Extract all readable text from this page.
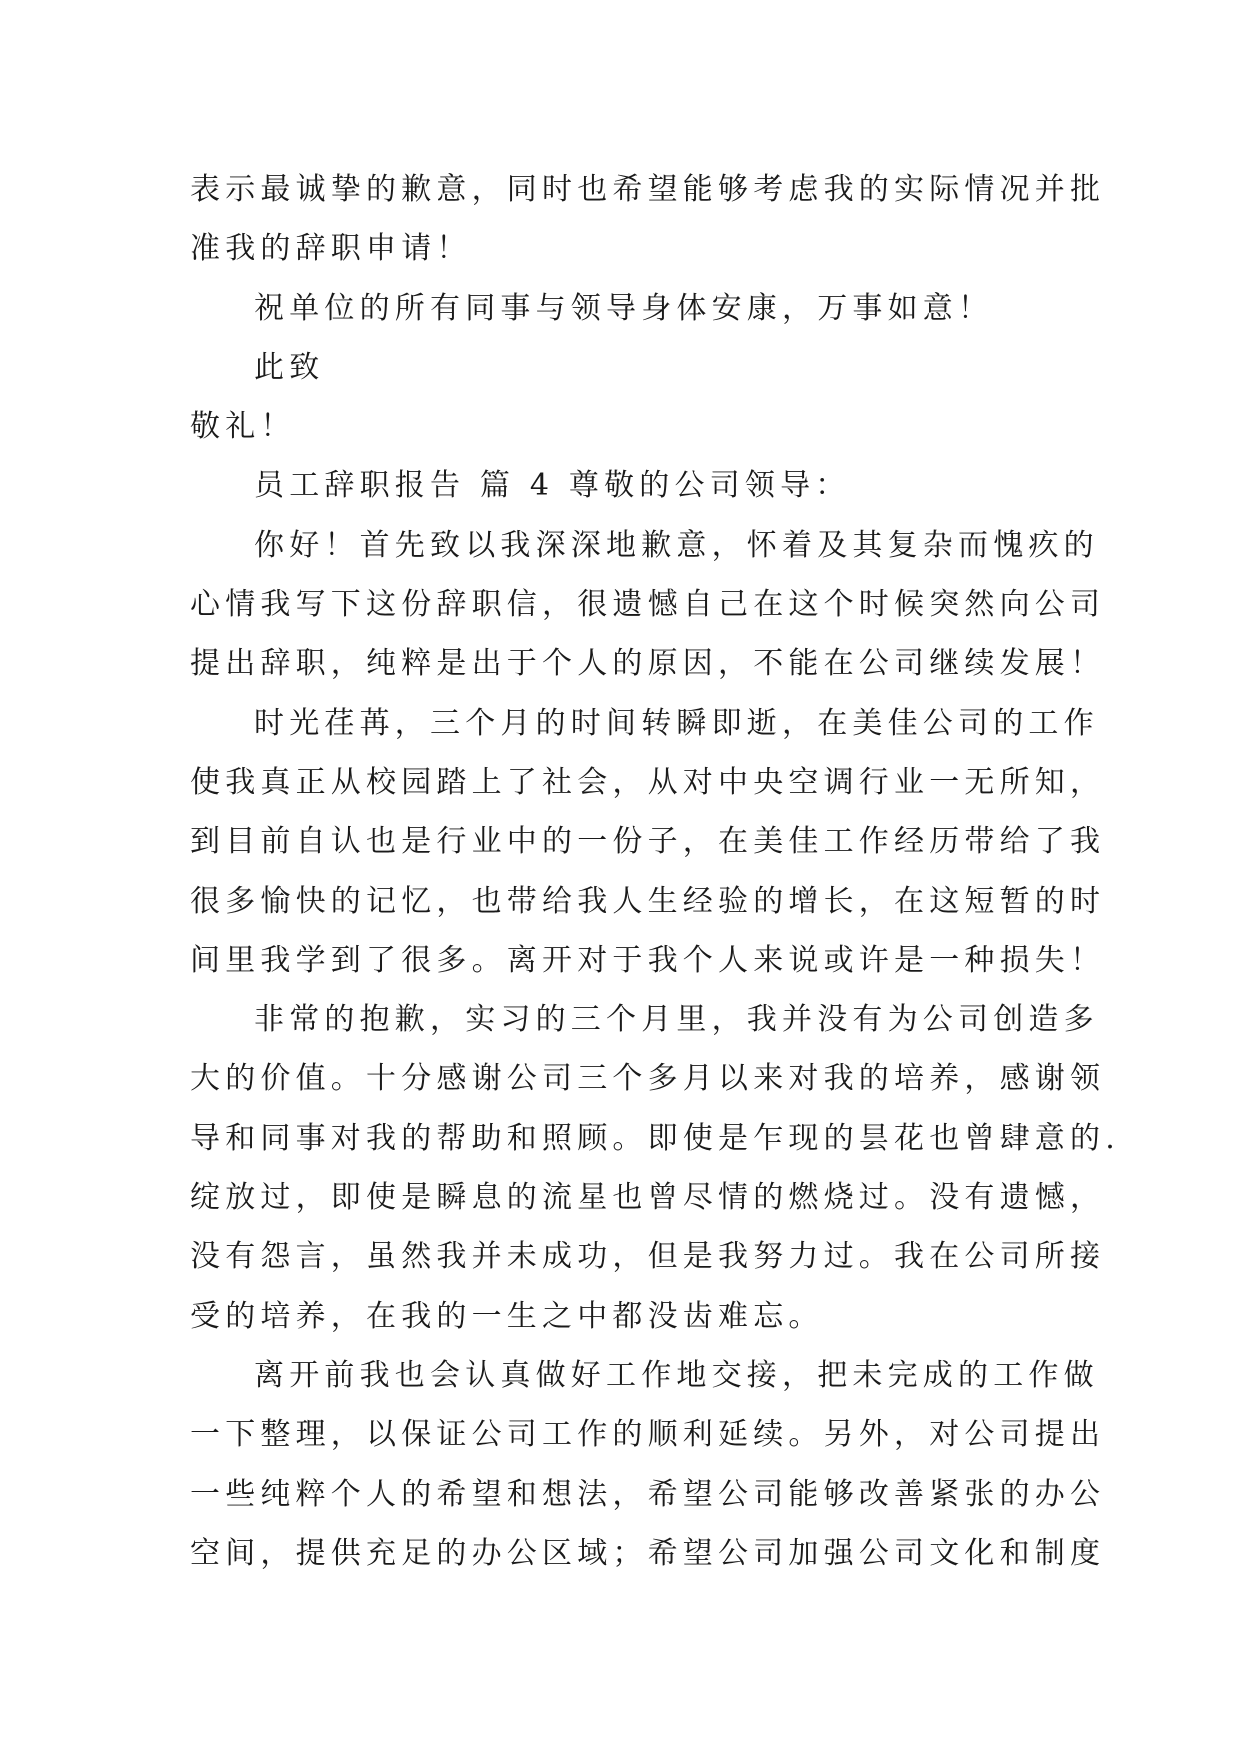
表示最诚挚的歉意，同时也希望能够考虑我的实际情况并批
准我的辞职申请！
祝单位的所有同事与领导身体安康，万事如意！
此致
敬礼！
员工辞职报告 篇 4 尊敬的公司领导：
你好！首先致以我深深地歉意，怀着及其复杂而愧疚的
心情我写下这份辞职信，很遗憾自己在这个时候突然向公司
提出辞职，纯粹是出于个人的原因，不能在公司继续发展！
时光荏苒，三个月的时间转瞬即逝，在美佳公司的工作
使我真正从校园踏上了社会，从对中央空调行业一无所知，
到目前自认也是行业中的一份子，在美佳工作经历带给了我
很多愉快的记忆，也带给我人生经验的增长，在这短暂的时
间里我学到了很多。离开对于我个人来说或许是一种损失！
非常的抱歉，实习的三个月里，我并没有为公司创造多
大的价值。十分感谢公司三个多月以来对我的培养，感谢领
导和同事对我的帮助和照顾。即使是乍现的昙花也曾肆意的.
绽放过，即使是瞬息的流星也曾尽情的燃烧过。没有遗憾，
没有怨言，虽然我并未成功，但是我努力过。我在公司所接
受的培养，在我的一生之中都没齿难忘。
离开前我也会认真做好工作地交接，把未完成的工作做
一下整理，以保证公司工作的顺利延续。另外，对公司提出
一些纯粹个人的希望和想法，希望公司能够改善紧张的办公
空间，提供充足的办公区域；希望公司加强公司文化和制度
